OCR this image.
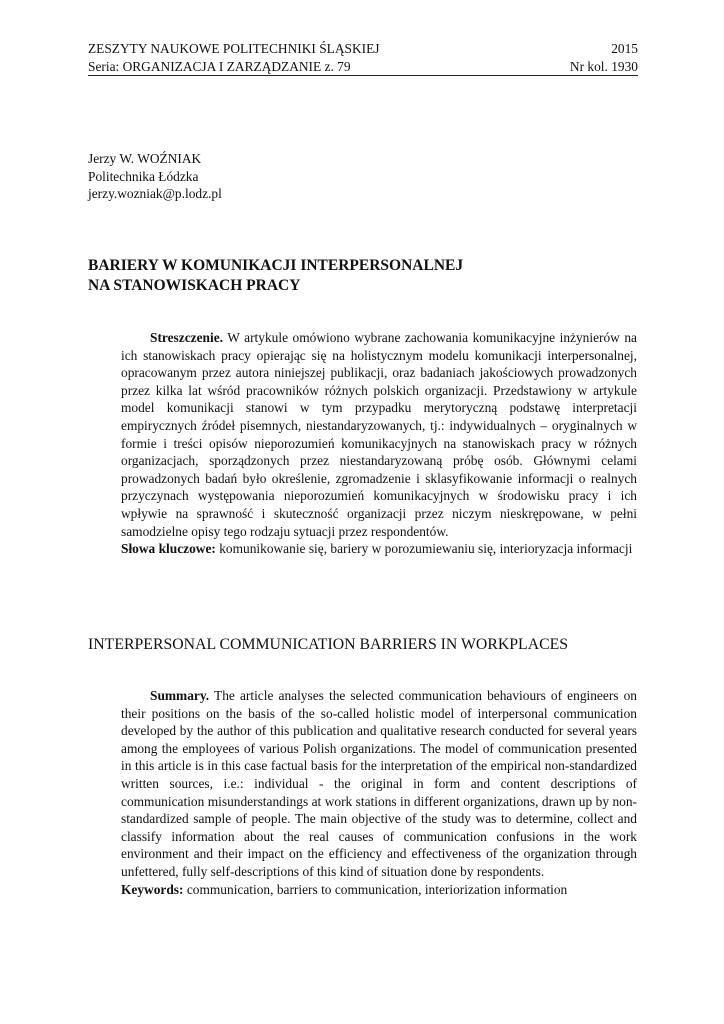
ZESZYTY NAUKOWE POLITECHNIKI ŚLĄSKIEJ	2015
Seria: ORGANIZACJA I ZARZĄDZANIE z. 79	Nr kol. 1930
Jerzy W. WOŹNIAK
Politechnika Łódzka
jerzy.wozniak@p.lodz.pl
BARIERY W KOMUNIKACJI INTERPERSONALNEJ
NA STANOWISKACH PRACY

Streszczenie. W artykule omówiono wybrane zachowania komunikacyjne inżynierów na ich stanowiskach pracy opierając się na holistycznym modelu komunikacji interpersonalnej, opracowanym przez autora niniejszej publikacji, oraz badaniach jakościowych prowadzonych przez kilka lat wśród pracowników różnych polskich organizacji. Przedstawiony w artykule model komunikacji stanowi w tym przypadku merytoryczną podstawę interpretacji empirycznych źródeł pisemnych, niestandaryzowanych, tj.: indywidualnych – oryginalnych w formie i treści opisów nieporozumień komunikacyjnych na stanowiskach pracy w różnych organizacjach, sporządzonych przez niestandaryzowaną próbę osób. Głównymi celami prowadzonych badań było określenie, zgromadzenie i sklasyfikowanie informacji o realnych przyczynach występowania nieporozumień komunikacyjnych w środowisku pracy i ich wpływie na sprawność i skuteczność organizacji przez niczym nieskrępowane, w pełni samodzielne opisy tego rodzaju sytuacji przez respondentów.

Słowa kluczowe: komunikowanie się, bariery w porozumiewaniu się, interioryzacja informacji

INTERPERSONAL COMMUNICATION BARRIERS IN WORKPLACES

Summary. The article analyses the selected communication behaviours of engineers on their positions on the basis of the so-called holistic model of interpersonal communication developed by the author of this publication and qualitative research conducted for several years among the employees of various Polish organizations. The model of communication presented in this article is in this case factual basis for the interpretation of the empirical non-standardized written sources, i.e.: individual - the original in form and content descriptions of communication misunderstandings at work stations in different organizations, drawn up by non-standardized sample of people. The main objective of the study was to determine, collect and classify information about the real causes of communication confusions in the work environment and their impact on the efficiency and effectiveness of the organization through unfettered, fully self-descriptions of this kind of situation done by respondents.

Keywords: communication, barriers to communication, interiorization information
